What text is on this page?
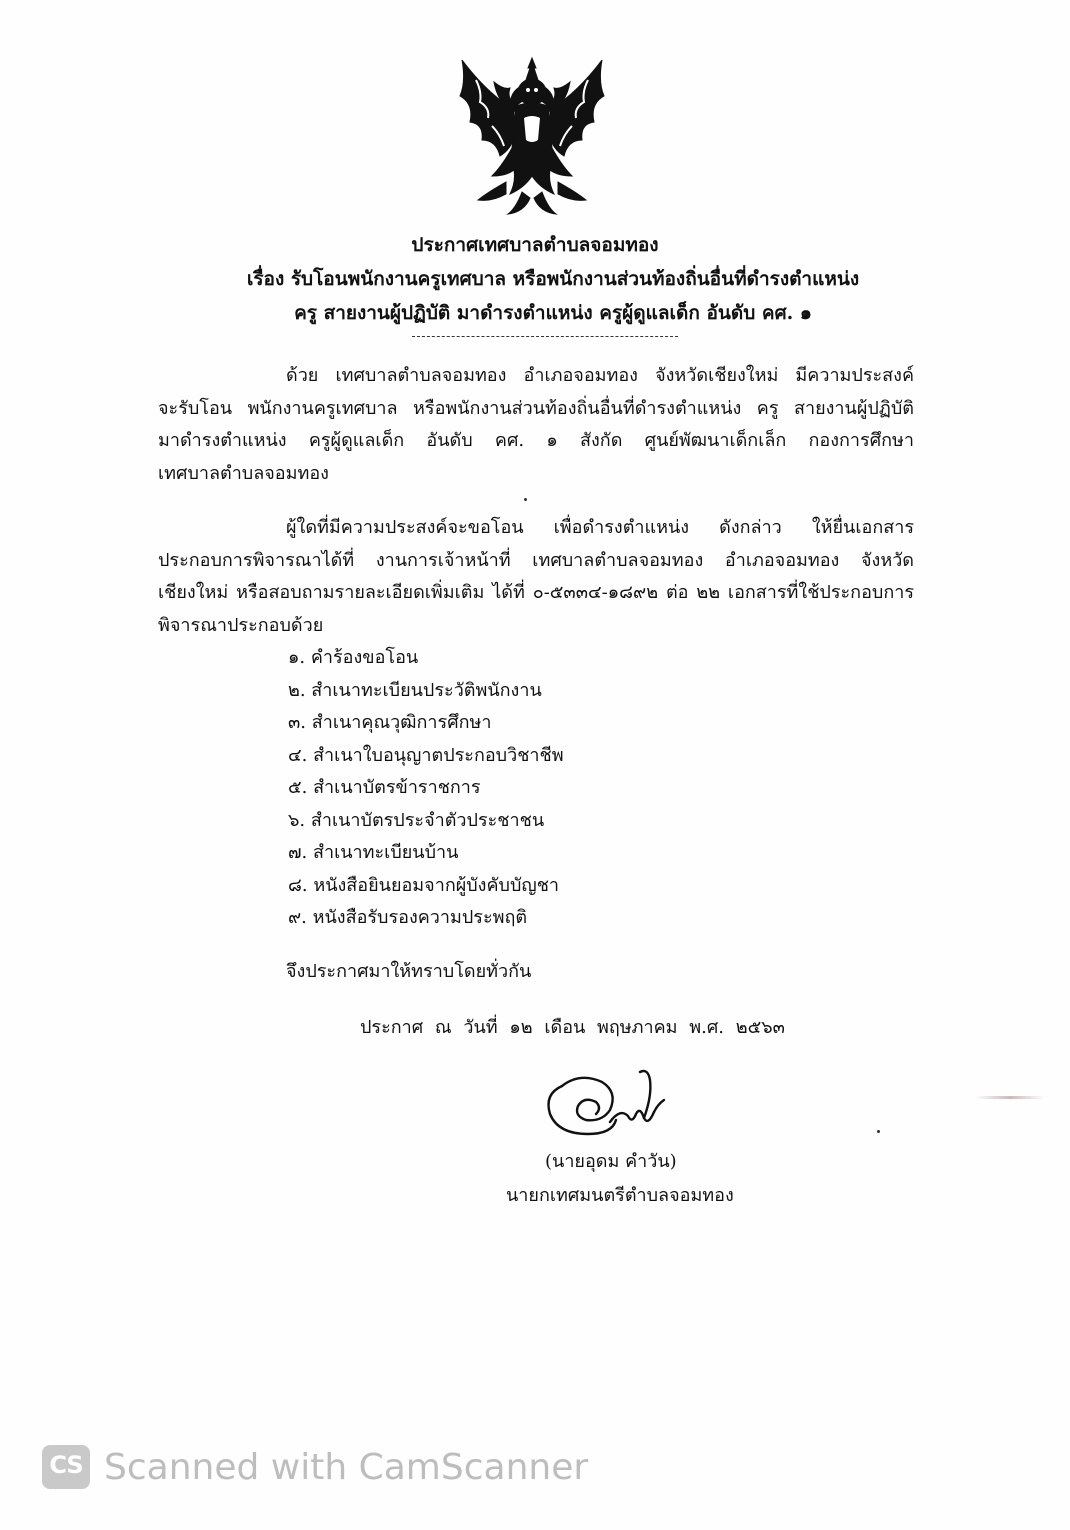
ประกาศเทศบาลตำบลจอมทอง
เรื่อง รับโอนพนักงานครูเทศบาล หรือพนักงานส่วนท้องถิ่นอื่นที่ดำรงตำแหน่ง
ครู สายงานผู้ปฏิบัติ มาดำรงตำแหน่ง ครูผู้ดูแลเด็ก อันดับ คศ. ๑
ด้วย เทศบาลตำบลจอมทอง อำเภอจอมทอง จังหวัดเชียงใหม่ มีความประสงค์
จะรับโอน พนักงานครูเทศบาล หรือพนักงานส่วนท้องถิ่นอื่นที่ดำรงตำแหน่ง ครู สายงานผู้ปฏิบัติ
มาดำรงตำแหน่ง ครูผู้ดูแลเด็ก อันดับ คศ. ๑ สังกัด ศูนย์พัฒนาเด็กเล็ก กองการศึกษา
เทศบาลตำบลจอมทอง
ผู้ใดที่มีความประสงค์จะขอโอน เพื่อดำรงตำแหน่ง ดังกล่าว ให้ยื่นเอกสาร
ประกอบการพิจารณาได้ที่ งานการเจ้าหน้าที่ เทศบาลตำบลจอมทอง อำเภอจอมทอง จังหวัด
เชียงใหม่ หรือสอบถามรายละเอียดเพิ่มเติม ได้ที่ ๐-๕๓๓๔-๑๘๙๒ ต่อ ๒๒ เอกสารที่ใช้ประกอบการ
พิจารณาประกอบด้วย
๑. คำร้องขอโอน
๒. สำเนาทะเบียนประวัติพนักงาน
๓. สำเนาคุณวุฒิการศึกษา
๔. สำเนาใบอนุญาตประกอบวิชาชีพ
๕. สำเนาบัตรข้าราชการ
๖. สำเนาบัตรประจำตัวประชาชน
๗. สำเนาทะเบียนบ้าน
๘. หนังสือยินยอมจากผู้บังคับบัญชา
๙. หนังสือรับรองความประพฤติ
จึงประกาศมาให้ทราบโดยทั่วกัน
ประกาศ ณ วันที่ ๑๒ เดือน พฤษภาคม พ.ศ. ๒๕๖๓
(นายอุดม คำวัน)
นายกเทศมนตรีตำบลจอมทอง
CS Scanned with CamScanner
